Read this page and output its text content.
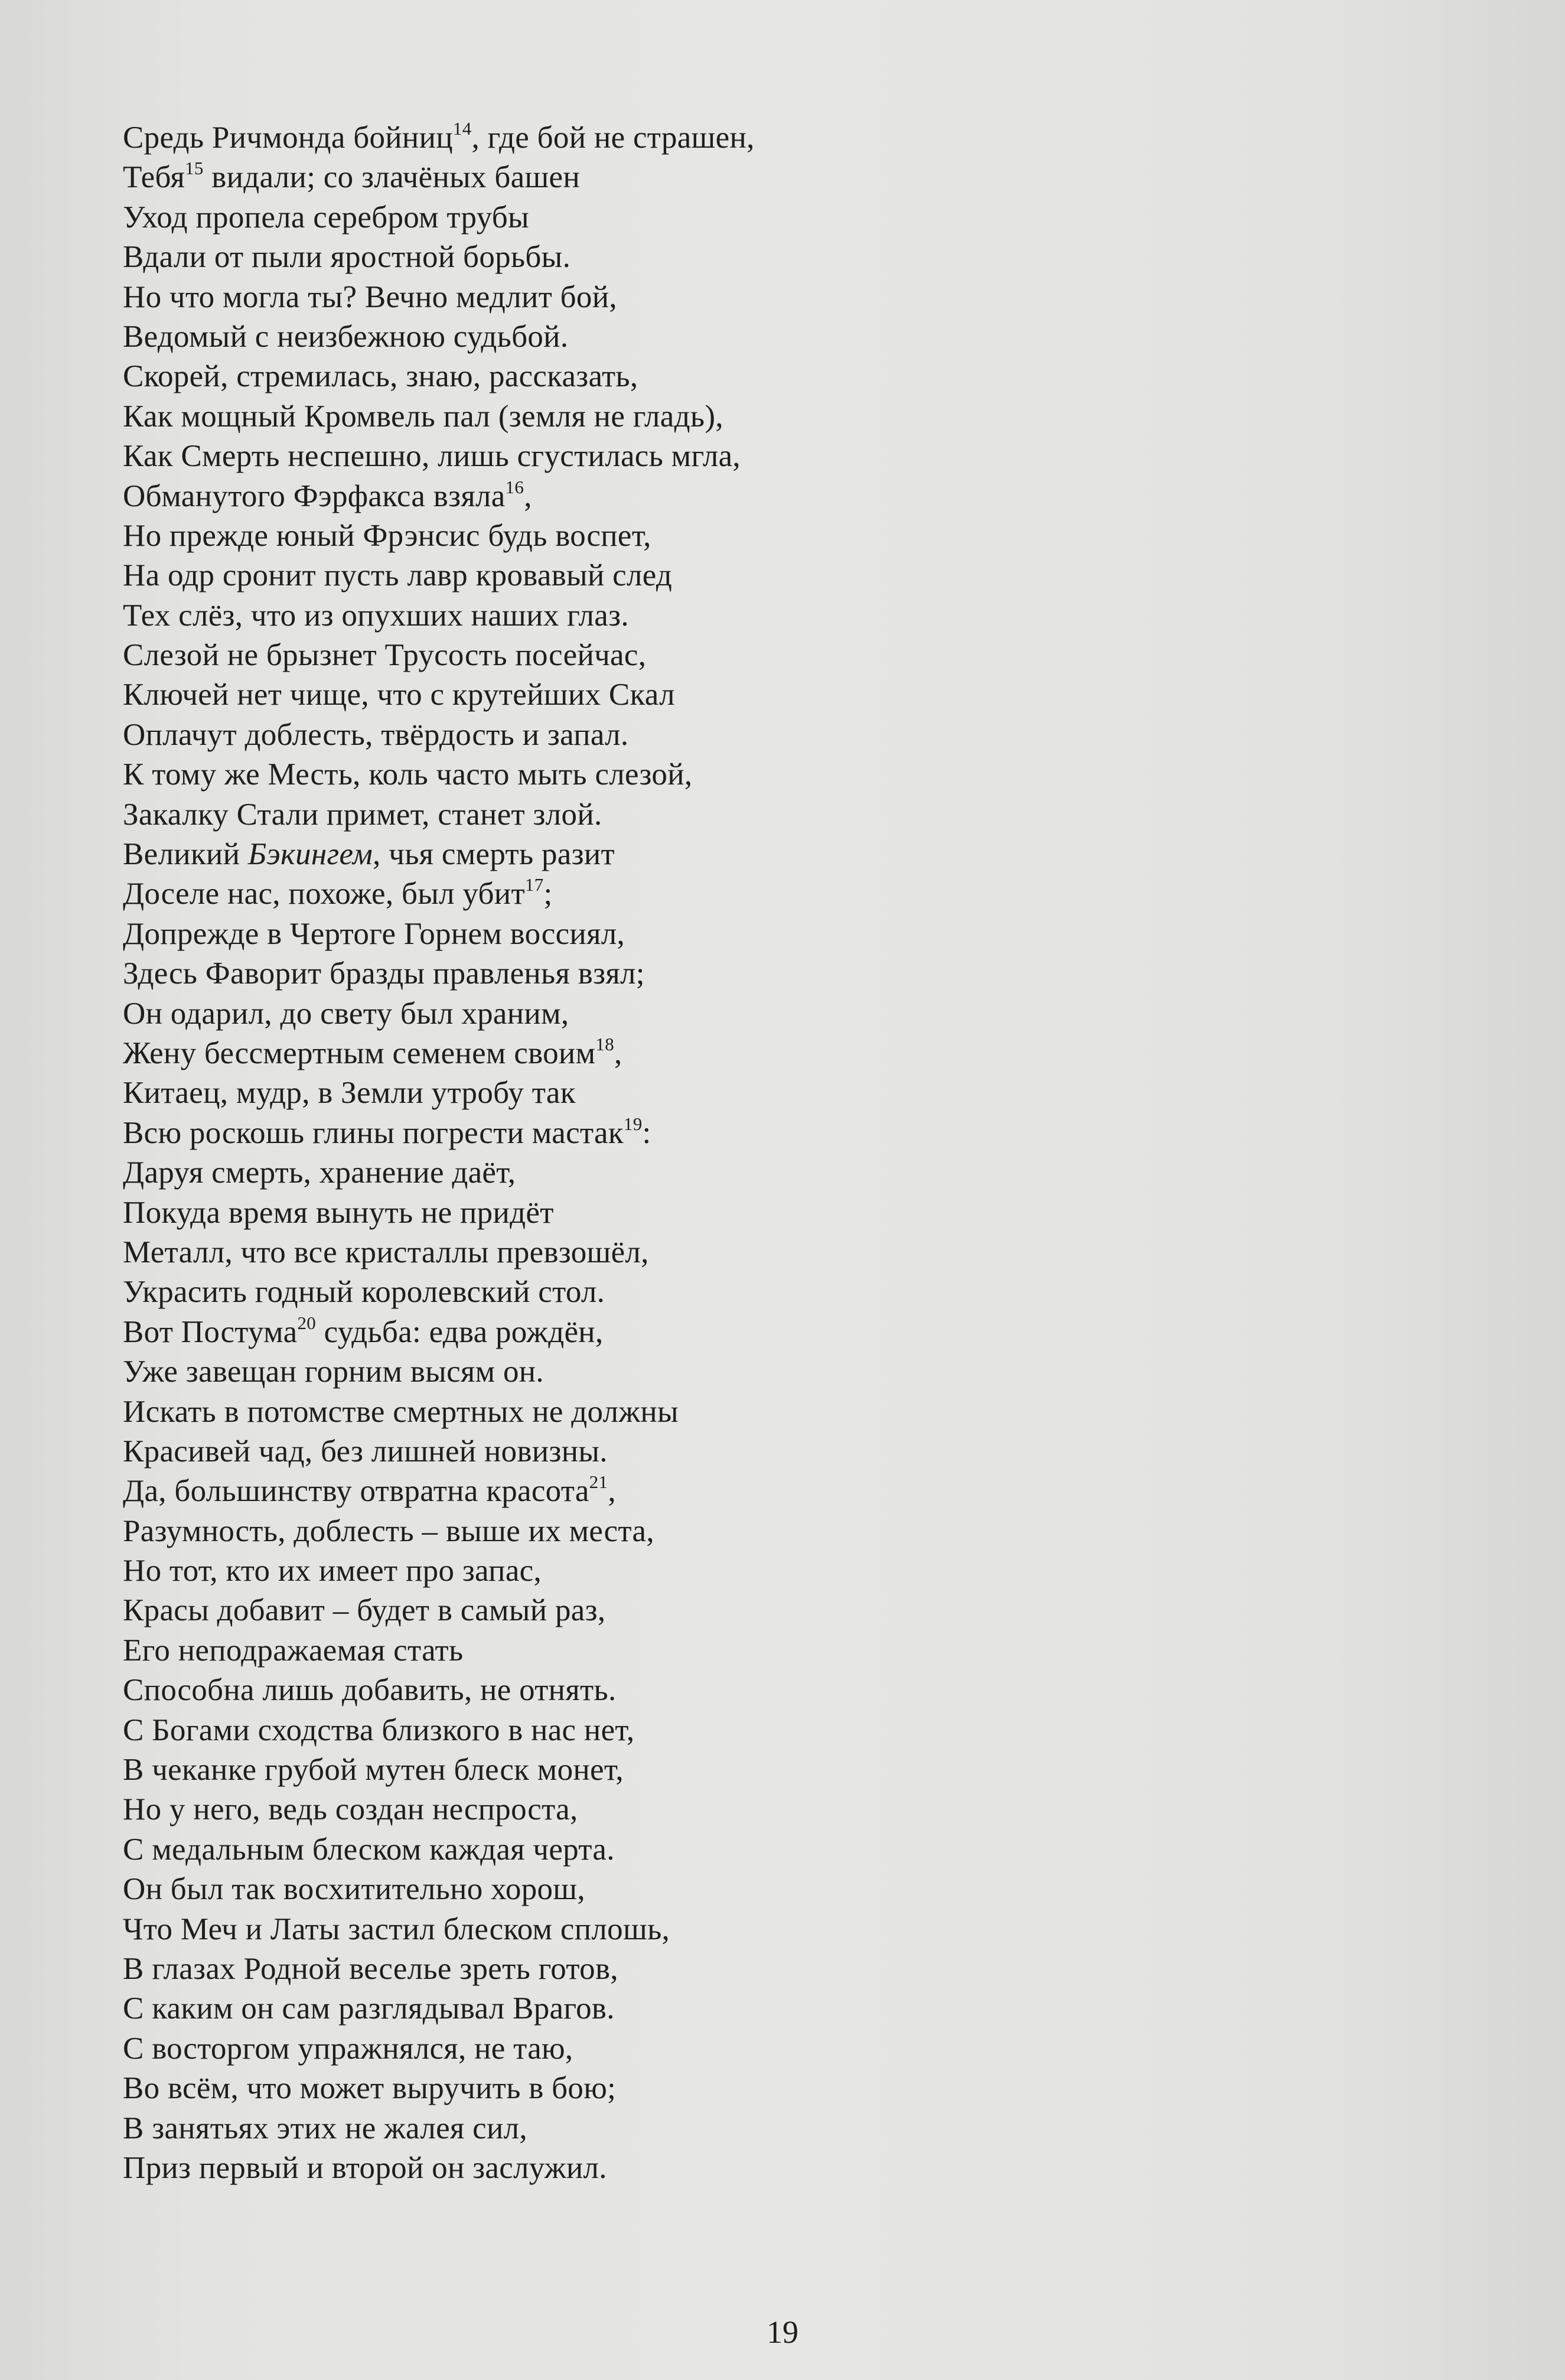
Средь Ричмонда бойниц$^{14}$, где бой не страшен,
Тебя$^{15}$ видали; со злачёных башен
Уход пропела серебром трубы
Вдали от пыли яростной борьбы.
Но что могла ты? Вечно медлит бой,
Ведомый с неизбежною судьбой.
Скорей, стремилась, знаю, рассказать,
Как мощный Кромвель пал (земля не гладь),
Как Смерть неспешно, лишь сгустилась мгла,
Обманутого Фэрфакса взяла$^{16}$,
Но прежде юный Фрэнсис будь воспет,
На одр сронит пусть лавр кровавый след
Тех слёз, что из опухших наших глаз.
Слезой не брызнет Трусость посейчас,
Ключей нет чище, что с крутейших Скал
Оплачут доблесть, твёрдость и запал.
К тому же Месть, коль часто мыть слезой,
Закалку Стали примет, станет злой.
Великий Бэкингем, чья смерть разит
Доселе нас, похоже, был убит$^{17}$;
Допрежде в Чертоге Горнем воссиял,
Здесь Фаворит бразды правленья взял;
Он одарил, до свету был храним,
Жену бессмертным семенем своим$^{18}$,
Китаец, мудр, в Земли утробу так
Всю роскошь глины погрести мастак$^{19}$:
Даруя смерть, хранение даёт,
Покуда время вынуть не придёт
Металл, что все кристаллы превзошёл,
Украсить годный королевский стол.
Вот Постума$^{20}$ судьба: едва рождён,
Уже завещан горним высям он.
Искать в потомстве смертных не должны
Красивей чад, без лишней новизны.
Да, большинству отвратна красота$^{21}$,
Разумность, доблесть – выше их места,
Но тот, кто их имеет про запас,
Красы добавит – будет в самый раз,
Его неподражаемая стать
Способна лишь добавить, не отнять.
С Богами сходства близкого в нас нет,
В чеканке грубой мутен блеск монет,
Но у него, ведь создан неспроста,
С медальным блеском каждая черта.
Он был так восхитительно хорош,
Что Меч и Латы застил блеском сплошь,
В глазах Родной веселье зреть готов,
С каким он сам разглядывал Врагов.
С восторгом упражнялся, не таю,
Во всём, что может выручить в бою;
В занятьях этих не жалея сил,
Приз первый и второй он заслужил.
19
